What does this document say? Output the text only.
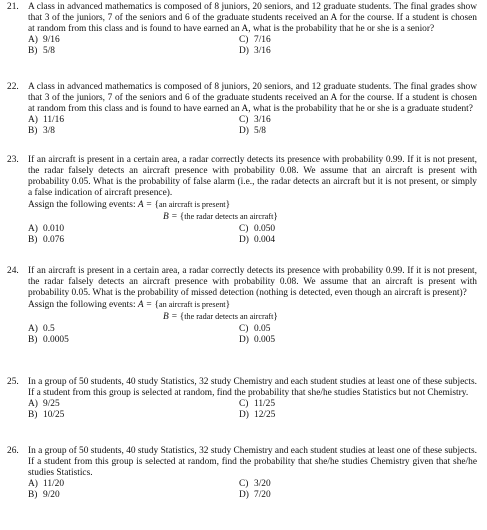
21. A class in advanced mathematics is composed of 8 juniors, 20 seniors, and 12 graduate students. The final grades show that 3 of the juniors, 7 of the seniors and 6 of the graduate students received an A for the course. If a student is chosen at random from this class and is found to have earned an A, what is the probability that he or she is a senior?
A) 9/16	C) 7/16
B) 5/8	D) 3/16
22. A class in advanced mathematics is composed of 8 juniors, 20 seniors, and 12 graduate students. The final grades show that 3 of the juniors, 7 of the seniors and 6 of the graduate students received an A for the course. If a student is chosen at random from this class and is found to have earned an A, what is the probability that he or she is a graduate student?
A) 11/16	C) 3/16
B) 3/8	D) 5/8
23. If an aircraft is present in a certain area, a radar correctly detects its presence with probability 0.99. If it is not present, the radar falsely detects an aircraft presence with probability 0.08. We assume that an aircraft is present with probability 0.05. What is the probability of false alarm (i.e., the radar detects an aircraft but it is not present, or simply a false indication of aircraft presence).
Assign the following events: A = {an aircraft is present}
B = {the radar detects an aircraft}
A) 0.010	C) 0.050
B) 0.076	D) 0.004
24. If an aircraft is present in a certain area, a radar correctly detects its presence with probability 0.99. If it is not present, the radar falsely detects an aircraft presence with probability 0.08. We assume that an aircraft is present with probability 0.05. What is the probability of missed detection (nothing is detected, even though an aircraft is present)?
Assign the following events: A = {an aircraft is present}
B = {the radar detects an aircraft}
A) 0.5	C) 0.05
B) 0.0005	D) 0.005
25. In a group of 50 students, 40 study Statistics, 32 study Chemistry and each student studies at least one of these subjects. If a student from this group is selected at random, find the probability that she/he studies Statistics but not Chemistry.
A) 9/25	C) 11/25
B) 10/25	D) 12/25
26. In a group of 50 students, 40 study Statistics, 32 study Chemistry and each student studies at least one of these subjects. If a student from this group is selected at random, find the probability that she/he studies Chemistry given that she/he studies Statistics.
A) 11/20	C) 3/20
B) 9/20	D) 7/20
